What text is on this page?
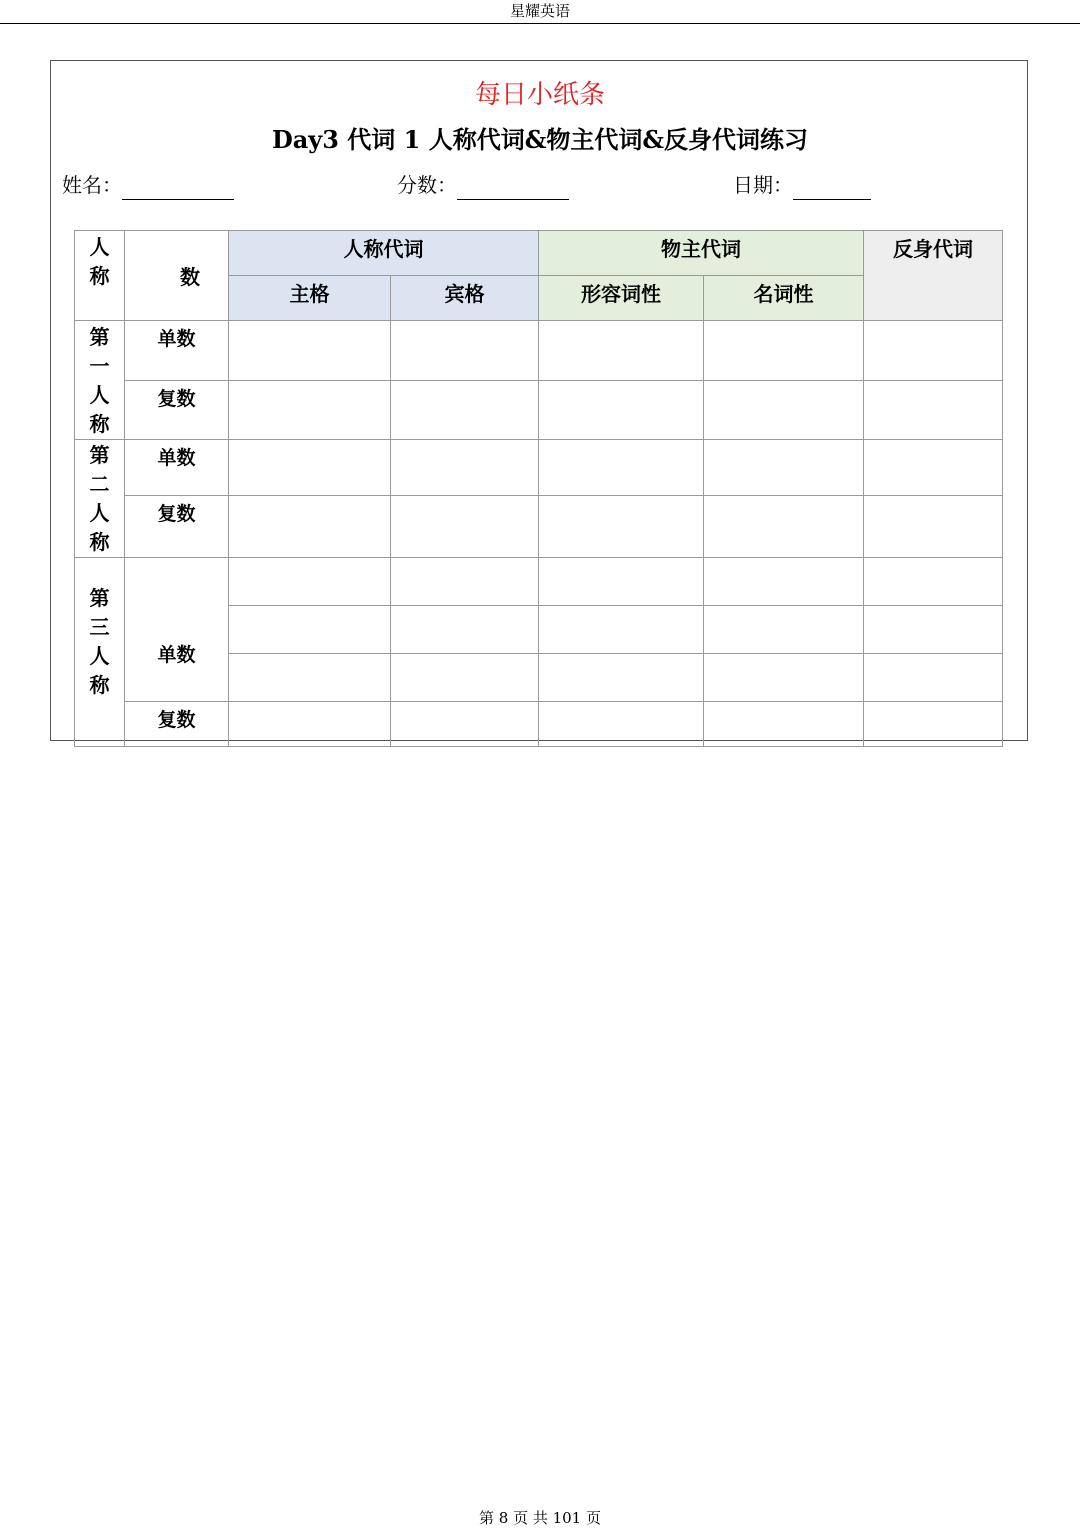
星耀英语
每日小纸条
Day3 代词 1 人称代词&物主代词&反身代词练习
姓名：	分数：	日期：
人称	数	人称代词		物主代词		反身代词
		主格	宾格	形容词性	名词性	
第一人称	单数					
	复数					
第二人称	单数					
	复数					
第三人称	单数					

	复数					
第 8 页 共 101 页
